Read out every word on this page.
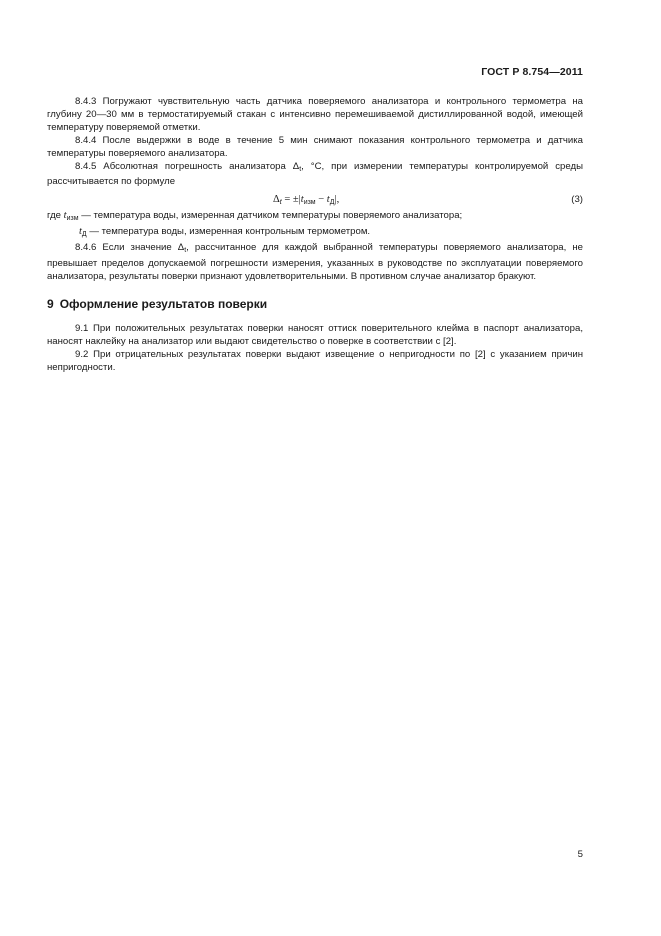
ГОСТ Р 8.754—2011

8.4.3 Погружают чувствительную часть датчика поверяемого анализатора и контрольного термометра на глубину 20—30 мм в термостатируемый стакан с интенсивно перемешиваемой дистиллированной водой, имеющей температуру поверяемой отметки.

8.4.4 После выдержки в воде в течение 5 мин снимают показания контрольного термометра и датчика температуры поверяемого анализатора.

8.4.5 Абсолютная погрешность анализатора $\Delta_t$, °С, при измерении температуры контролируемой среды рассчитывается по формуле

$\Delta_t = \pm|t_{изм} - t_Д|$,	(3)

где $t_{изм}$ — температура воды, измеренная датчиком температуры поверяемого анализатора;

$t_Д$ — температура воды, измеренная контрольным термометром.

8.4.6 Если значение $\Delta_t$, рассчитанное для каждой выбранной температуры поверяемого анализатора, не превышает пределов допускаемой погрешности измерения, указанных в руководстве по эксплуатации поверяемого анализатора, результаты поверки признают удовлетворительными. В противном случае анализатор бракуют.

9 Оформление результатов поверки

9.1 При положительных результатах поверки наносят оттиск поверительного клейма в паспорт анализатора, наносят наклейку на анализатор или выдают свидетельство о поверке в соответствии с [2].

9.2 При отрицательных результатах поверки выдают извещение о непригодности по [2] с указанием причин непригодности.

5
